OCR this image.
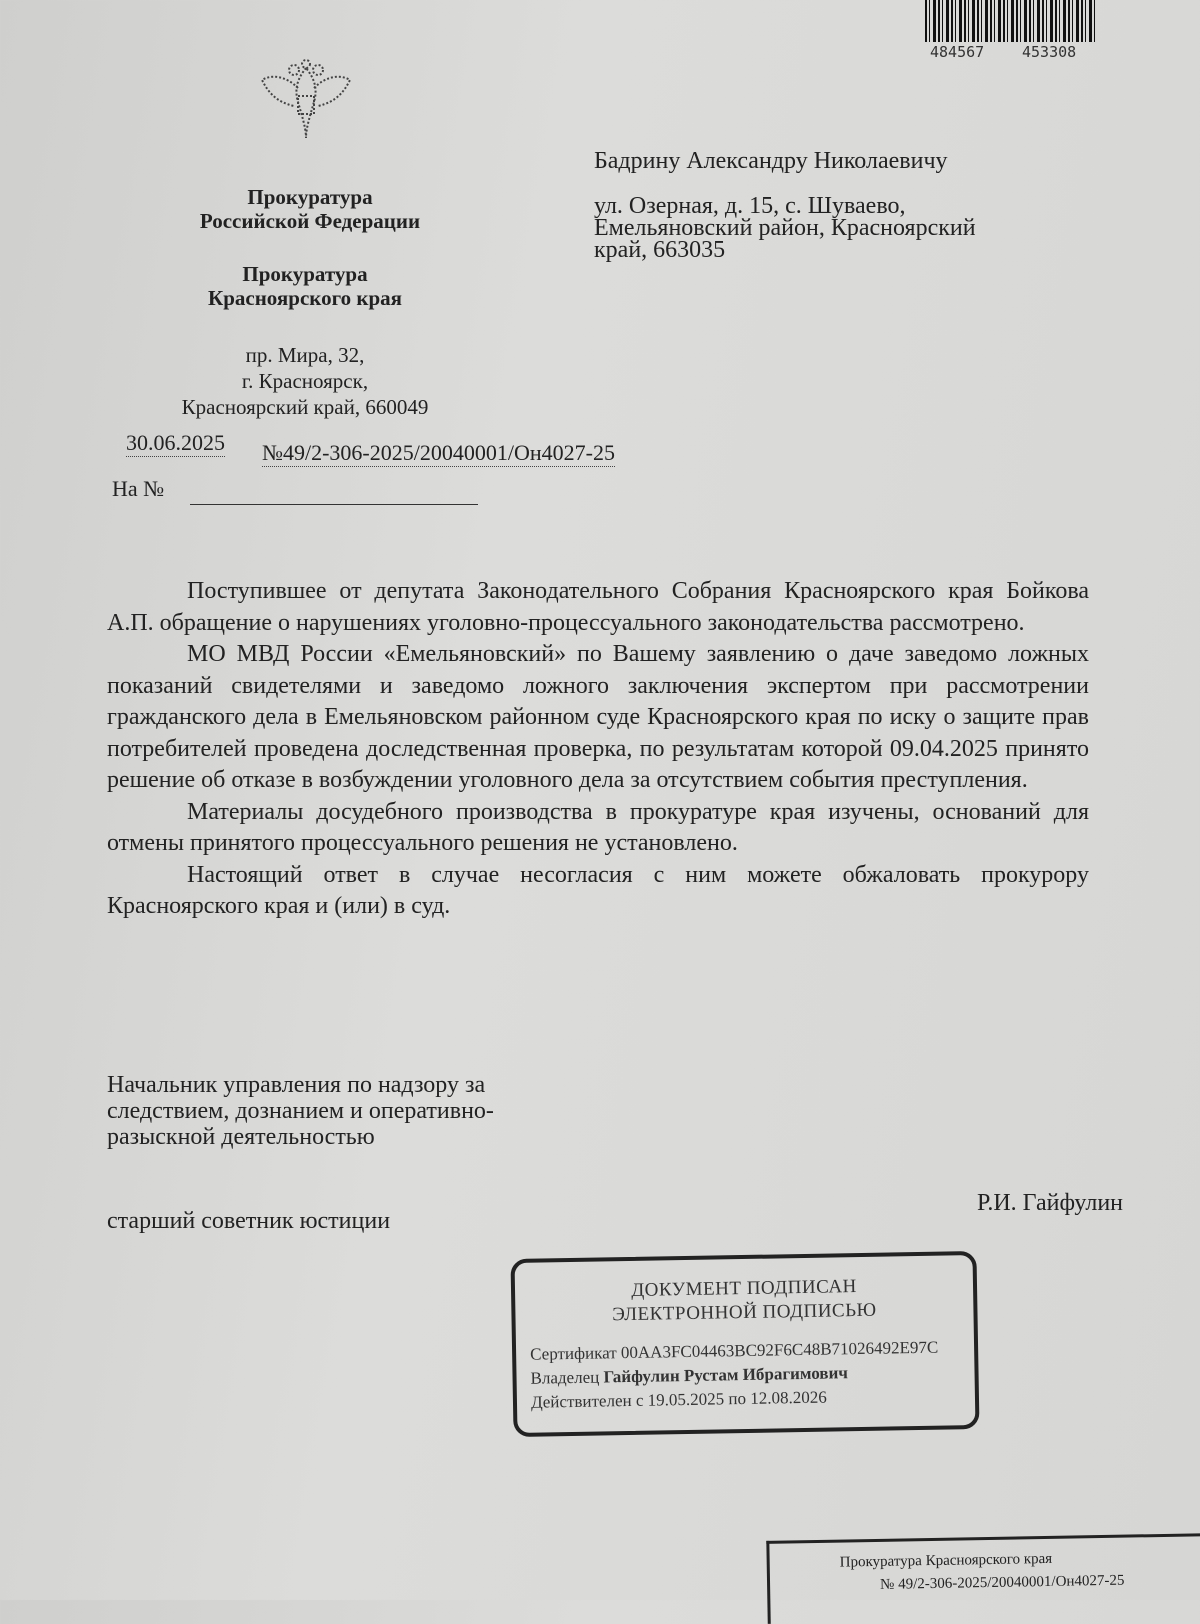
484567	453308
Прокуратура
Российской Федерации
Прокуратура
Красноярского края
пр. Мира, 32,
г. Красноярск,
Красноярский край, 660049
30.06.2025 №49/2-306-2025/20040001/Он4027-25
На №
Бадрину Александру Николаевичу
ул. Озерная, д. 15, с. Шуваево,
Емельяновский район, Красноярский
край, 663035

Поступившее от депутата Законодательного Собрания Красноярского края Бойкова А.П. обращение о нарушениях уголовно-процессуального законодательства рассмотрено.

МО МВД России «Емельяновский» по Вашему заявлению о даче заведомо ложных показаний свидетелями и заведомо ложного заключения экспертом при рассмотрении гражданского дела в Емельяновском районном суде Красноярского края по иску о защите прав потребителей проведена доследственная проверка, по результатам которой 09.04.2025 принято решение об отказе в возбуждении уголовного дела за отсутствием события преступления.

Материалы досудебного производства в прокуратуре края изучены, оснований для отмены принятого процессуального решения не установлено.

Настоящий ответ в случае несогласия с ним можете обжаловать прокурору Красноярского края и (или) в суд.

Начальник управления по надзору за
следствием, дознанием и оперативно-
разыскной деятельностью
старший советник юстиции
Р.И. Гайфулин
ДОКУМЕНТ ПОДПИСАН
ЭЛЕКТРОННОЙ ПОДПИСЬЮ
Сертификат 00AA3FC04463BC92F6C48B71026492E97C
Владелец Гайфулин Рустам Ибрагимович
Действителен с 19.05.2025 по 12.08.2026
Прокуратура Красноярского края
№ 49/2-306-2025/20040001/Он4027-25
